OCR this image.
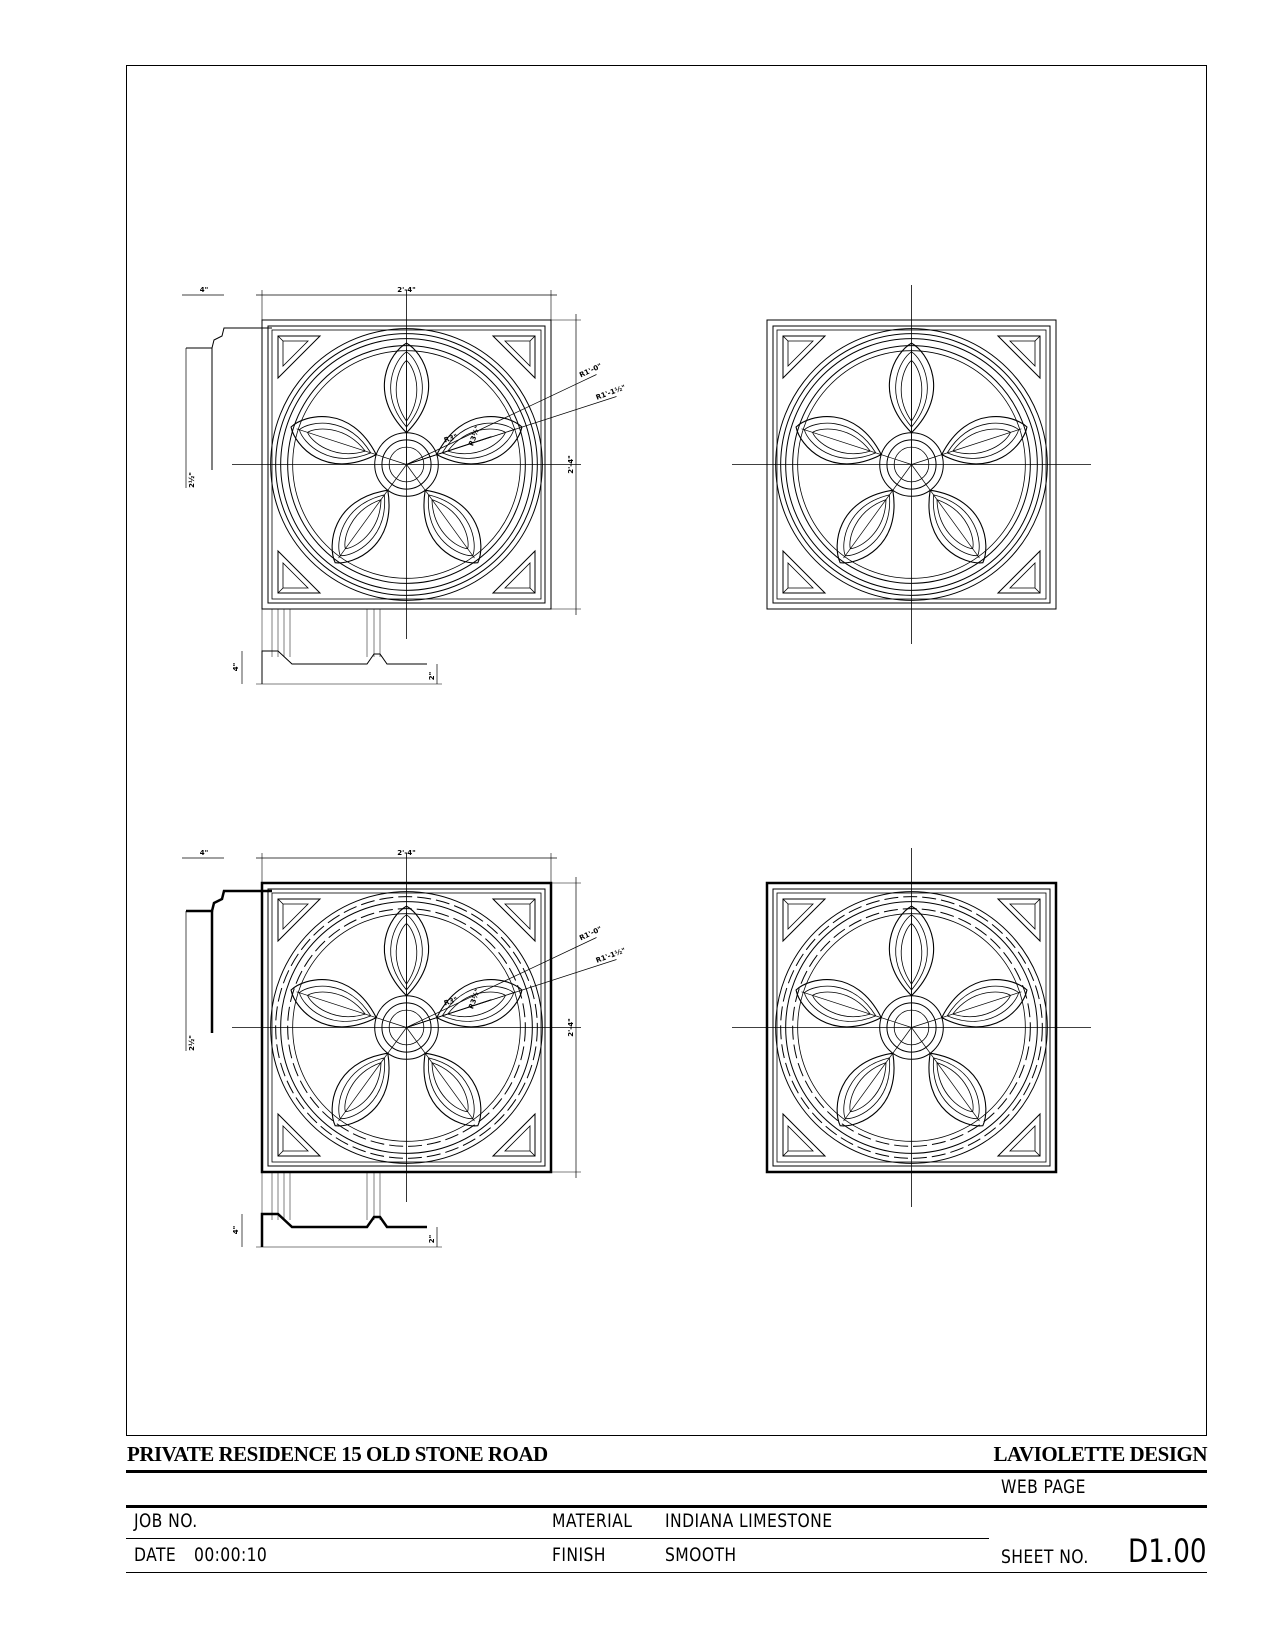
2'-4"
2'-4"
R1'-0"
R1'-1½"
R3" R3½"
4"
2½"
4"
2"
2'-4"
2'-4"
R1'-0"
R1'-1½"
R3" R3½"
4"
2½"
4"
2"
PRIVATE RESIDENCE 15 OLD STONE ROAD	LAVIOLETTE DESIGN
WEB PAGE
JOB NO.	MATERIAL INDIANA LIMESTONE
DATE 00:00:10	FINISH	SMOOTH	SHEET NO. D1.00
